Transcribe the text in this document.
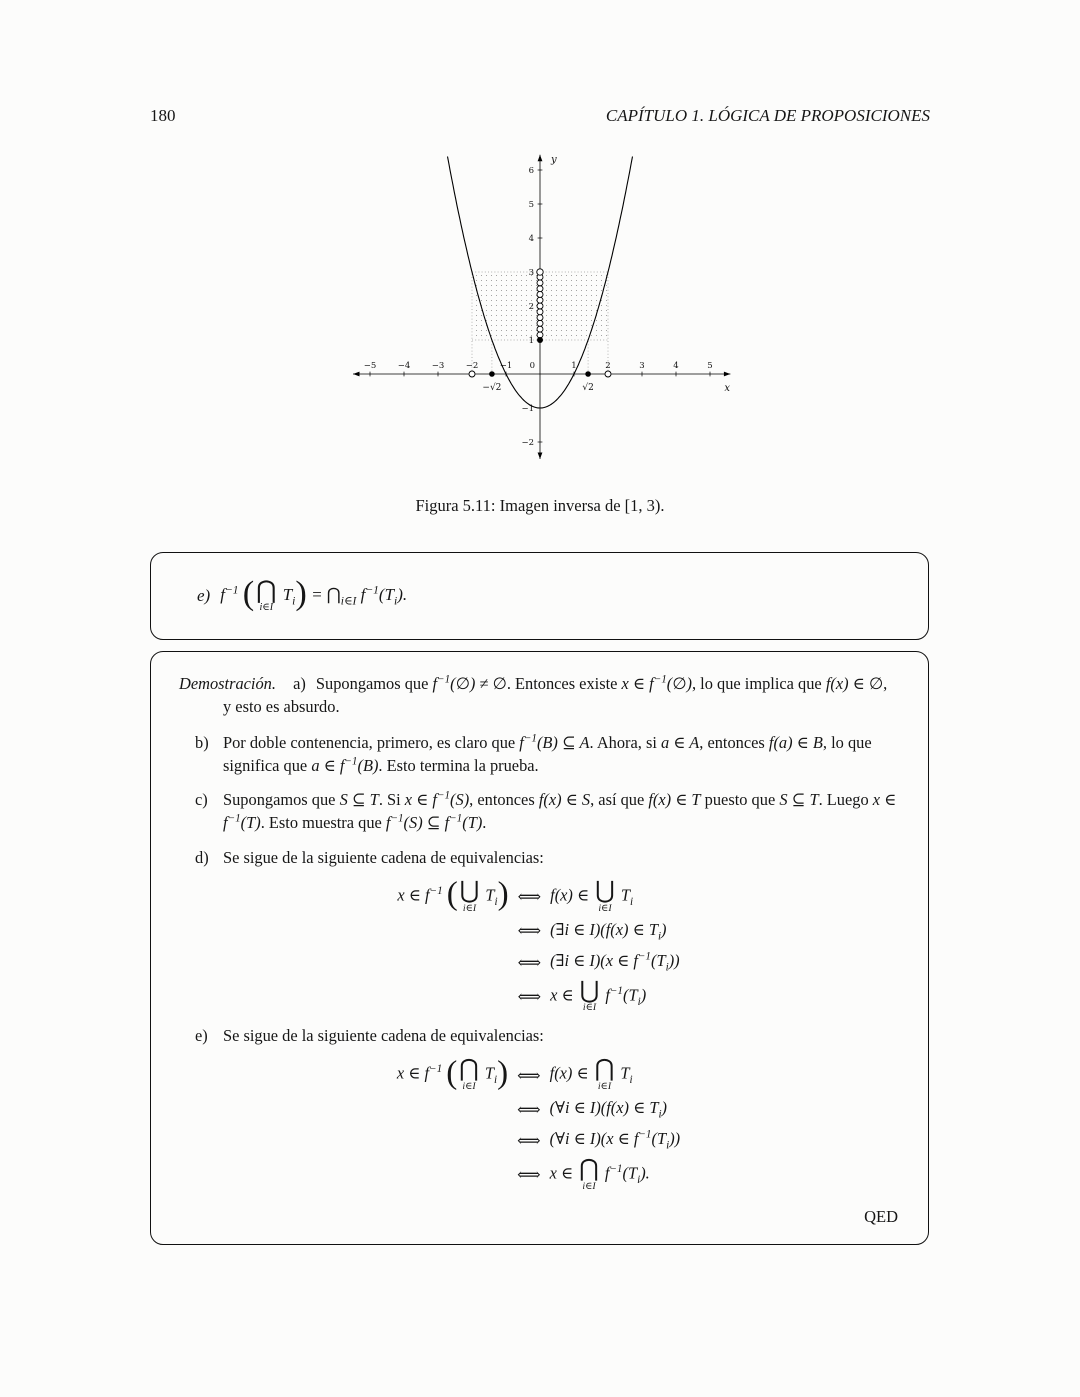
180	CAPÍTULO 1. LÓGICA DE PROPOSICIONES
−5	−4	−3	−2	−1	1	2	3	4	5
−2
−1
1
2
3
4
5
6
0
y
x
−√2	√2
Figura 5.11: Imagen inversa de [1, 3).
e) $f^{-1}$ ( ⋂
i∈I
$T_i$) = $⋂_{i\in I}$ $f^{-1}(T_i)$.
Demostración. a) Supongamos que $f^{-1}(\emptyset)$ ≠ ∅. Entonces existe x ∈ $f^{-1}(\emptyset)$, lo que implica que f(x) ∈ ∅, y esto es absurdo.
b) Por doble contenencia, primero, es claro que $f^{-1}(B)$ ⊆ A. Ahora, si a ∈ A, entonces f(a) ∈ B, lo que significa que a ∈ $f^{-1}(B)$. Esto termina la prueba.
c) Supongamos que S ⊆ T. Si x ∈ $f^{-1}(S)$, entonces f(x) ∈ S, así que f(x) ∈ T puesto que S ⊆ T. Luego x ∈ $f^{-1}(T)$. Esto muestra que $f^{-1}(S)$ ⊆ $f^{-1}(T)$.
d) Se sigue de la siguiente cadena de equivalencias:
x ∈ $f^{-1}$ ( ⋃
i∈I
$T_i$) ⟺ f(x) ∈ ⋃
i∈I
$T_i$
⟺ (∃i ∈ I)(f(x) ∈ $T_i$)
⟺ (∃i ∈ I)(x ∈ $f^{-1}(T_i)$)
⟺ x ∈ ⋃
i∈I
$f^{-1}(T_i)$
e) Se sigue de la siguiente cadena de equivalencias:
x ∈ $f^{-1}$ ( ⋂
i∈I
$T_i$) ⟺ f(x) ∈ ⋂
i∈I
$T_i$
⟺ (∀i ∈ I)(f(x) ∈ $T_i$)
⟺ (∀i ∈ I)(x ∈ $f^{-1}(T_i)$)
⟺ x ∈ ⋂
i∈I
$f^{-1}(T_i)$.
QED
